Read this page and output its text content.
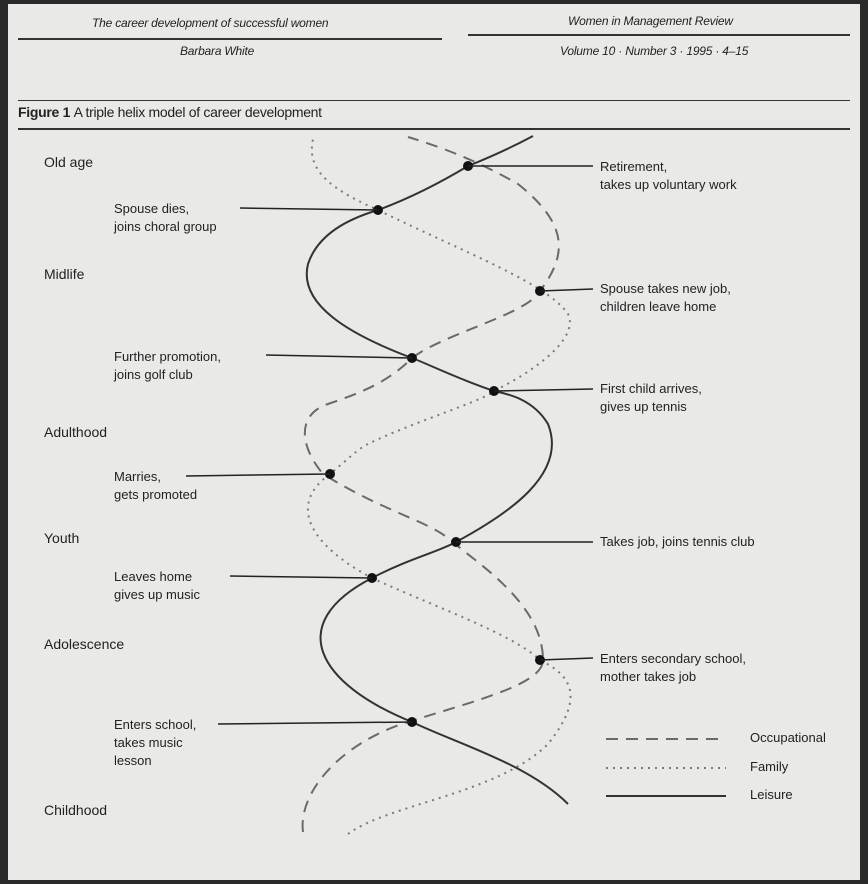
The career development of successful women
Barbara White
Women in Management Review
Volume 10 · Number 3 · 1995 · 4–15
Figure 1 A triple helix model of career development
Old age
Midlife
Adulthood
Youth
Adolescence
Childhood
Retirement,
takes up voluntary work
Spouse takes new job,
children leave home
First child arrives,
gives up tennis
Takes job, joins tennis club
Enters secondary school,
mother takes job
Spouse dies,
joins choral group
Further promotion,
joins golf club
Marries,
gets promoted
Leaves home
gives up music
Enters school,
takes music
lesson
Occupational
Family
Leisure
